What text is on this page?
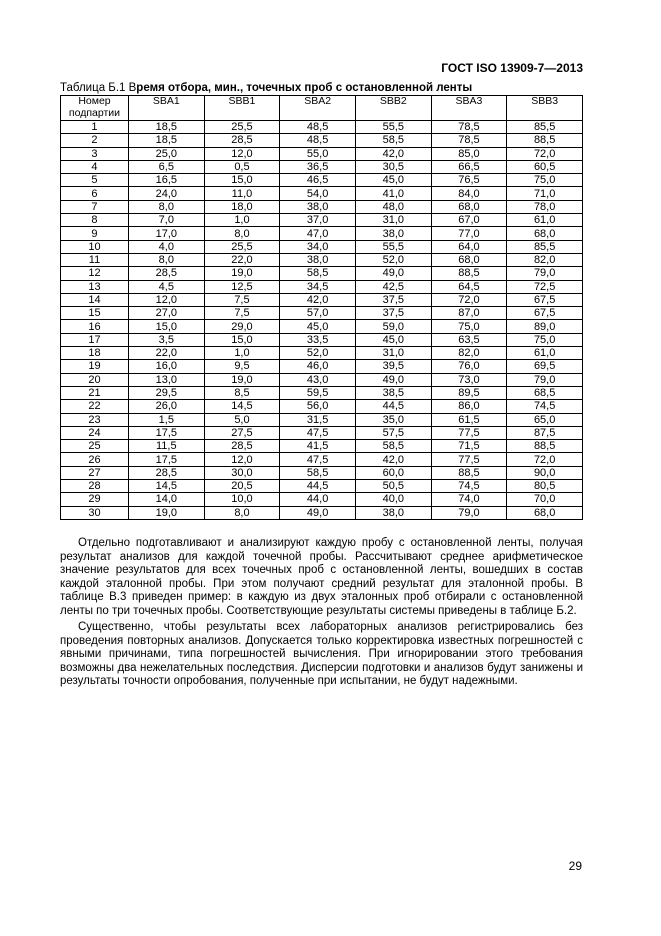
ГОСТ ISO 13909-7—2013
Таблица Б.1 Время отбора, мин., точечных проб с остановленной ленты
Номер подпартии	SBA1	SBB1	SBA2	SBB2	SBA3	SBB3
1	18,5	25,5	48,5	55,5	78,5	85,5
2	18,5	28,5	48,5	58,5	78,5	88,5
3	25,0	12,0	55,0	42,0	85,0	72,0
4	6,5	0,5	36,5	30,5	66,5	60,5
5	16,5	15,0	46,5	45,0	76,5	75,0
6	24,0	11,0	54,0	41,0	84,0	71,0
7	8,0	18,0	38,0	48,0	68,0	78,0
8	7,0	1,0	37,0	31,0	67,0	61,0
9	17,0	8,0	47,0	38,0	77,0	68,0
10	4,0	25,5	34,0	55,5	64,0	85,5
11	8,0	22,0	38,0	52,0	68,0	82,0
12	28,5	19,0	58,5	49,0	88,5	79,0
13	4,5	12,5	34,5	42,5	64,5	72,5
14	12,0	7,5	42,0	37,5	72,0	67,5
15	27,0	7,5	57,0	37,5	87,0	67,5
16	15,0	29,0	45,0	59,0	75,0	89,0
17	3,5	15,0	33,5	45,0	63,5	75,0
18	22,0	1,0	52,0	31,0	82,0	61,0
19	16,0	9,5	46,0	39,5	76,0	69,5
20	13,0	19,0	43,0	49,0	73,0	79,0
21	29,5	8,5	59,5	38,5	89,5	68,5
22	26,0	14,5	56,0	44,5	86,0	74,5
23	1,5	5,0	31,5	35,0	61,5	65,0
24	17,5	27,5	47,5	57,5	77,5	87,5
25	11,5	28,5	41,5	58,5	71,5	88,5
26	17,5	12,0	47,5	42,0	77,5	72,0
27	28,5	30,0	58,5	60,0	88,5	90,0
28	14,5	20,5	44,5	50,5	74,5	80,5
29	14,0	10,0	44,0	40,0	74,0	70,0
30	19,0	8,0	49,0	38,0	79,0	68,0

Отдельно подготавливают и анализируют каждую пробу с остановленной ленты, получая результат анализов для каждой точечной пробы. Рассчитывают среднее арифметическое значение результатов для всех точечных проб с остановленной ленты, вошедших в состав каждой эталонной пробы. При этом получают средний результат для эталонной пробы. В таблице В.3 приведен пример: в каждую из двух эталонных проб отбирали с остановленной ленты по три точечных пробы. Соответствующие результаты системы приведены в таблице Б.2.

Существенно, чтобы результаты всех лабораторных анализов регистрировались без проведения повторных анализов. Допускается только корректировка известных погрешностей с явными причинами, типа погрешностей вычисления. При игнорировании этого требования возможны два нежелательных последствия. Дисперсии подготовки и анализов будут занижены и результаты точности опробования, полученные при испытании, не будут надежными.

29
